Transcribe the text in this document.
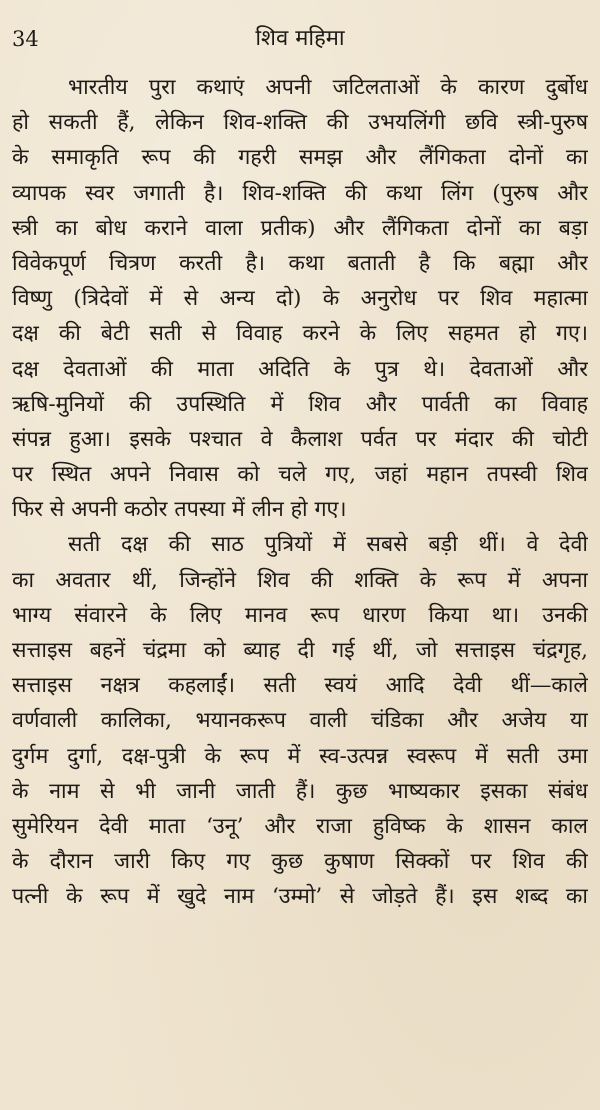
34	शिव महिमा
भारतीय पुरा कथाएं अपनी जटिलताओं के कारण दुर्बोध
हो सकती हैं, लेकिन शिव-शक्ति की उभयलिंगी छवि स्त्री-पुरुष
के समाकृति रूप की गहरी समझ और लैंगिकता दोनों का
व्यापक स्वर जगाती है। शिव-शक्ति की कथा लिंग (पुरुष और
स्त्री का बोध कराने वाला प्रतीक) और लैंगिकता दोनों का बड़ा
विवेकपूर्ण चित्रण करती है। कथा बताती है कि बह्मा और
विष्णु (त्रिदेवों में से अन्य दो) के अनुरोध पर शिव महात्मा
दक्ष की बेटी सती से विवाह करने के लिए सहमत हो गए।
दक्ष देवताओं की माता अदिति के पुत्र थे। देवताओं और
ऋषि-मुनियों की उपस्थिति में शिव और पार्वती का विवाह
संपन्न हुआ। इसके पश्चात वे कैलाश पर्वत पर मंदार की चोटी
पर स्थित अपने निवास को चले गए, जहां महान तपस्वी शिव
फिर से अपनी कठोर तपस्या में लीन हो गए।
सती दक्ष की साठ पुत्रियों में सबसे बड़ी थीं। वे देवी
का अवतार थीं, जिन्होंने शिव की शक्ति के रूप में अपना
भाग्य संवारने के लिए मानव रूप धारण किया था। उनकी
सत्ताइस बहनें चंद्रमा को ब्याह दी गई थीं, जो सत्ताइस चंद्रगृह,
सत्ताइस नक्षत्र कहलाईं। सती स्वयं आदि देवी थीं—काले
वर्णवाली कालिका, भयानकरूप वाली चंडिका और अजेय या
दुर्गम दुर्गा, दक्ष-पुत्री के रूप में स्व-उत्पन्न स्वरूप में सती उमा
के नाम से भी जानी जाती हैं। कुछ भाष्यकार इसका संबंध
सुमेरियन देवी माता ‘उनू’ और राजा हुविष्क के शासन काल
के दौरान जारी किए गए कुछ कुषाण सिक्कों पर शिव की
पत्नी के रूप में खुदे नाम ‘उम्मो’ से जोड़ते हैं। इस शब्द का
